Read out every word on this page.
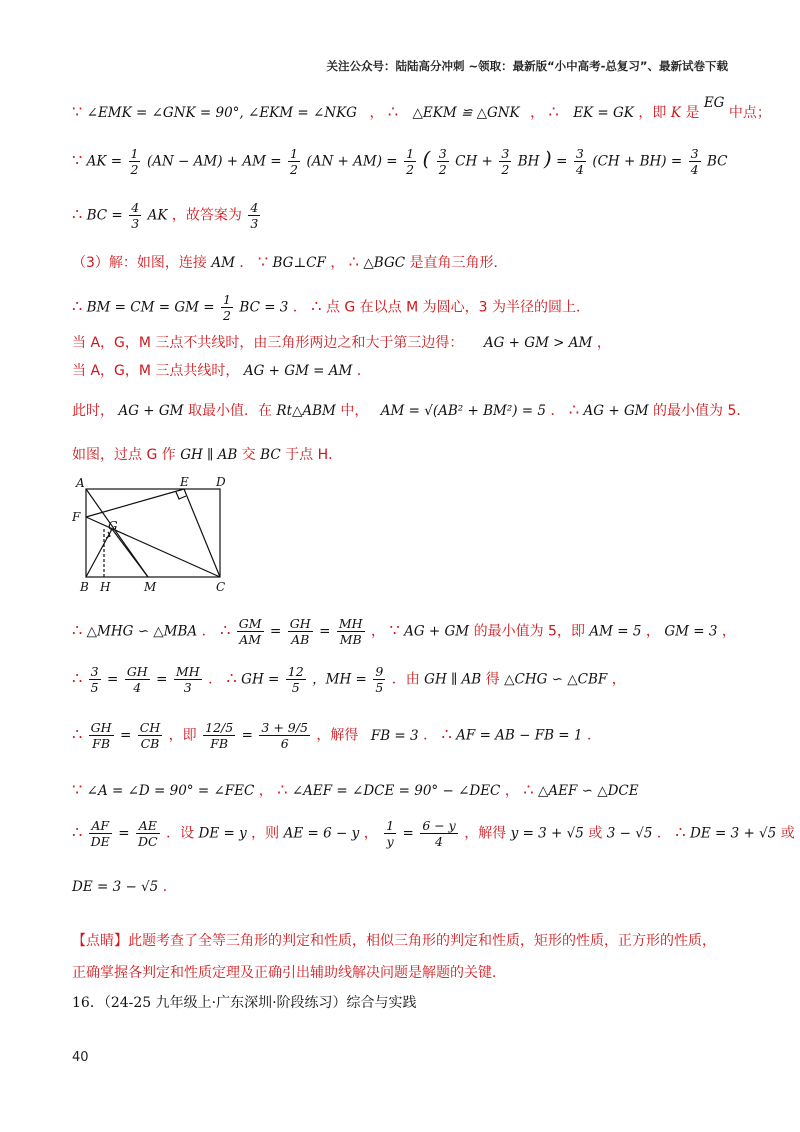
关注公众号：陆陆高分冲刺 ~领取：最新版“小中高考-总复习”、最新试卷下载
∵ ∠EMK = ∠GNK = 90°, ∠EKM = ∠NKG ， ∴ △EKM ≌ △GNK ， ∴ EK = GK ，即 K 是 EG 中点；
∵ AK = $\frac{1}{2} (AN - AM)$ + AM = $\frac{1}{2} (AN + AM) = \frac{1}{2}$ ( $\frac{3}{2}$ CH + $\frac{3}{2}$ BH ) = $\frac{3}{4} (CH + BH) = \frac{3}{4}$ BC
∴ BC = $\frac{4}{3}$ AK ，故答案为 $\frac{4}{3}$
（3）解：如图，连接 AM ． ∵ BG⊥CF ， ∴ △BGC 是直角三角形．
∴ BM = CM = GM = $\frac{1}{2}$ BC = 3 ． ∴ 点 G 在以点 M 为圆心，3 为半径的圆上．
当 A，G，M 三点不共线时，由三角形两边之和大于第三边得： AG + GM > AM ，
当 A，G，M 三点共线时， AG + GM = AM ．
此时， AG + GM 取最小值．在 Rt△ABM 中， AM = √(AB² + BM²) = 5 ． ∴ AG + GM 的最小值为 5．
如图，过点 G 作 GH ∥ AB 交 BC 于点 H．
∴ △MHG ∽ △MBA ． ∴ $\frac{GM}{AM} = \frac{GH}{AB} = \frac{MH}{MB}$ ， ∵ AG + GM 的最小值为 5，即 AM = 5 ， GM = 3 ，
∴ $\frac{3}{5} = \frac{GH}{4} = \frac{MH}{3}$ ． ∴ GH = $\frac{12}{5}$ ，MH = $\frac{9}{5}$ ．由 GH ∥ AB 得 △CHG ∽ △CBF ，
∴ $\frac{GH}{FB} = \frac{CH}{CB}$ ，即 $\frac{12/5}{FB} = \frac{3 + 9/5}{6}$ ，解得 FB = 3 ． ∴ AF = AB − FB = 1 ．
∵ ∠A = ∠D = 90° = ∠FEC ， ∴ ∠AEF = ∠DCE = 90° − ∠DEC ， ∴ △AEF ∽ △DCE
∴ $\frac{AF}{DE} = \frac{AE}{DC}$ ．设 DE = y ，则 AE = 6 − y ， $\frac{1}{y} = \frac{6 - y}{4}$ ，解得 y = 3 + √5 或 3 − √5 ． ∴ DE = 3 + √5 或
DE = 3 − √5 ．
【点睛】此题考查了全等三角形的判定和性质，相似三角形的判定和性质，矩形的性质，正方形的性质，
正确掌握各判定和性质定理及正确引出辅助线解决问题是解题的关键．
A	E D
F
G
B H	M	C
16．（24-25 九年级上·广东深圳·阶段练习）综合与实践
40
